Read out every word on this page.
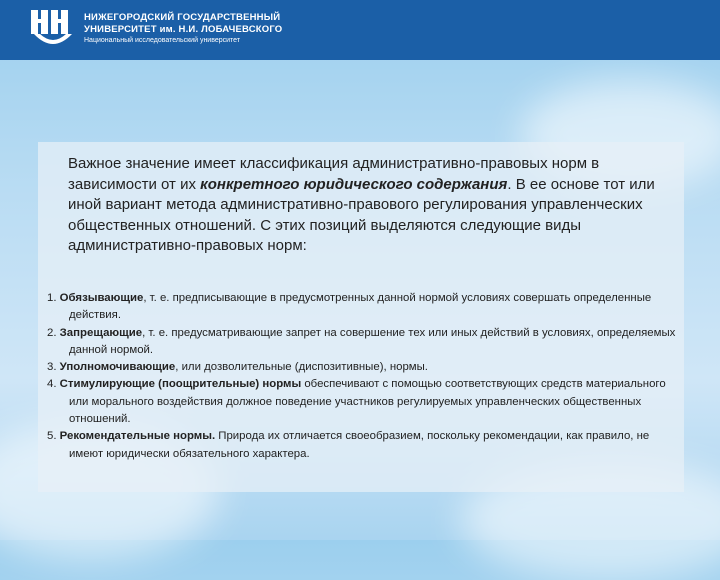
НИЖЕГОРОДСКИЙ ГОСУДАРСТВЕННЫЙ
УНИВЕРСИТЕТ им. Н.И. ЛОБАЧЕВСКОГО
Национальный исследовательский университет
Важное значение имеет классификация административно-правовых норм в зависимости от их конкретного юридического содержания. В ее основе тот или иной вариант метода административно-правового регулирования управленческих общественных отношений. С этих позиций выделяются следующие виды административно-правовых норм:

1. Обязывающие, т. е. предписывающие в предусмотренных данной нормой условиях совершать определенные действия.

2. Запрещающие, т. е. предусматривающие запрет на совершение тех или иных действий в условиях, определяемых данной нормой.

3. Уполномочивающие, или дозволительные (диспозитивные), нормы.

4. Стимулирующие (поощрительные) нормы обеспечивают с помощью соответствующих средств материального или морального воздействия должное поведение участников регулируемых управленческих общественных отношений.

5. Рекомендательные нормы. Природа их отличается своеобразием, поскольку рекомендации, как правило, не имеют юридически обязательного характера.
